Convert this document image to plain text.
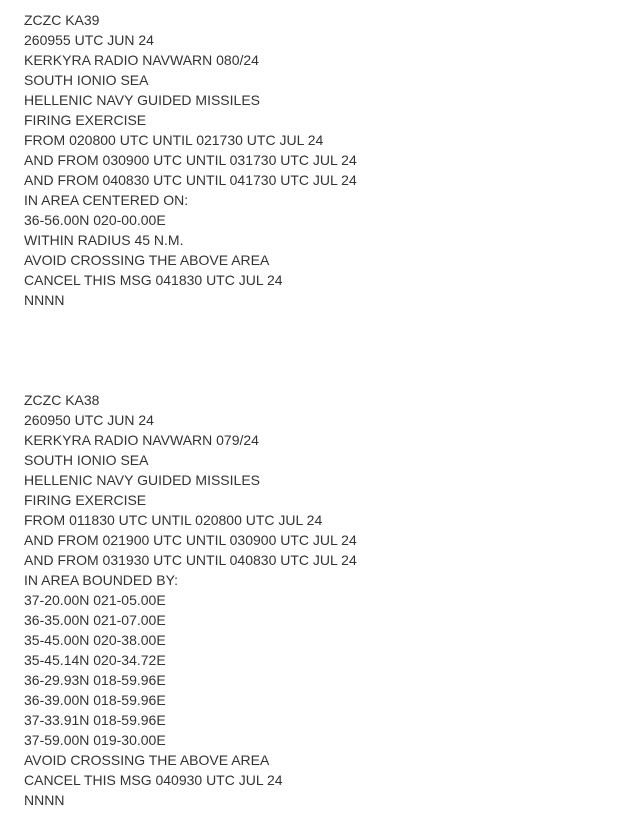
ZCZC KA39
260955 UTC JUN 24
KERKYRA RADIO NAVWARN 080/24
SOUTH IONIO SEA
HELLENIC NAVY GUIDED MISSILES
FIRING EXERCISE
FROM 020800 UTC UNTIL 021730 UTC JUL 24
AND FROM 030900 UTC UNTIL 031730 UTC JUL 24
AND FROM 040830 UTC UNTIL 041730 UTC JUL 24
IN AREA CENTERED ON:
36-56.00N 020-00.00E
WITHIN RADIUS 45 N.M.
AVOID CROSSING THE ABOVE AREA
CANCEL THIS MSG 041830 UTC JUL 24
NNNN
ZCZC KA38
260950 UTC JUN 24
KERKYRA RADIO NAVWARN 079/24
SOUTH IONIO SEA
HELLENIC NAVY GUIDED MISSILES
FIRING EXERCISE
FROM 011830 UTC UNTIL 020800 UTC JUL 24
AND FROM 021900 UTC UNTIL 030900 UTC JUL 24
AND FROM 031930 UTC UNTIL 040830 UTC JUL 24
IN AREA BOUNDED BY:
37-20.00N 021-05.00E
36-35.00N 021-07.00E
35-45.00N 020-38.00E
35-45.14N 020-34.72E
36-29.93N 018-59.96E
36-39.00N 018-59.96E
37-33.91N 018-59.96E
37-59.00N 019-30.00E
AVOID CROSSING THE ABOVE AREA
CANCEL THIS MSG 040930 UTC JUL 24
NNNN
